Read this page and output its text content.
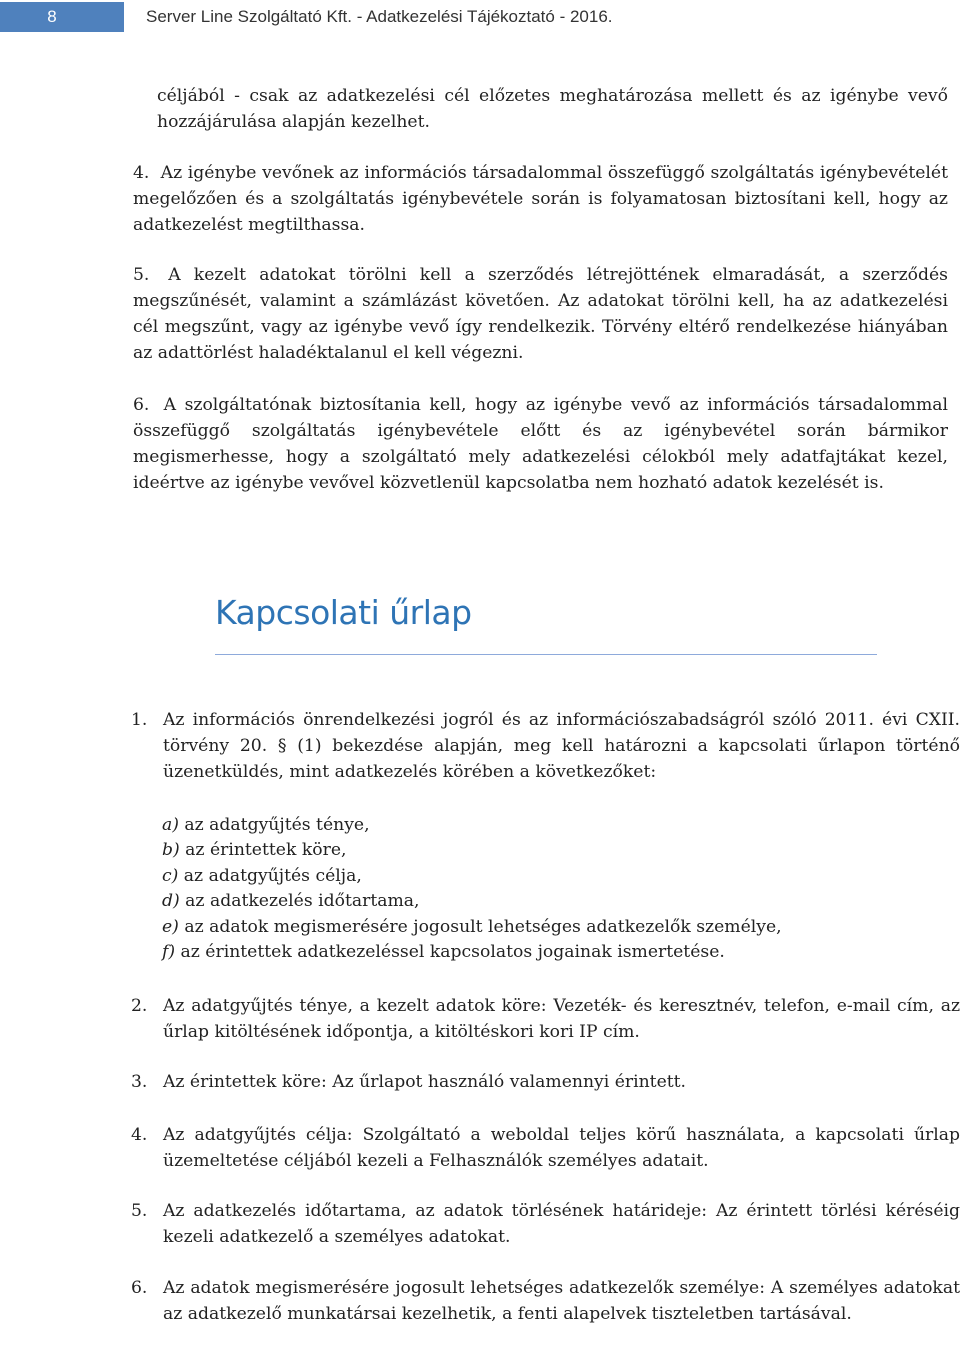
8	Server Line Szolgáltató Kft. - Adatkezelési Tájékoztató - 2016.
céljából - csak az adatkezelési cél előzetes meghatározása mellett és az igénybe vevő hozzájárulása alapján kezelhet.
4. Az igénybe vevőnek az információs társadalommal összefüggő szolgáltatás igénybevételét megelőzően és a szolgáltatás igénybevétele során is folyamatosan biztosítani kell, hogy az adatkezelést megtilthassa.
5. A kezelt adatokat törölni kell a szerződés létrejöttének elmaradását, a szerződés megszűnését, valamint a számlázást követően. Az adatokat törölni kell, ha az adatkezelési cél megszűnt, vagy az igénybe vevő így rendelkezik. Törvény eltérő rendelkezése hiányában az adattörlést haladéktalanul el kell végezni.
6. A szolgáltatónak biztosítania kell, hogy az igénybe vevő az információs társadalommal összefüggő szolgáltatás igénybevétele előtt és az igénybevétel során bármikor megismerhesse, hogy a szolgáltató mely adatkezelési célokból mely adatfajtákat kezel, ideértve az igénybe vevővel közvetlenül kapcsolatba nem hozható adatok kezelését is.
Kapcsolati űrlap
1. Az információs önrendelkezési jogról és az információszabadságról szóló 2011. évi CXII. törvény 20. § (1) bekezdése alapján, meg kell határozni a kapcsolati űrlapon történő üzenetküldés, mint adatkezelés körében a következőket:
a) az adatgyűjtés ténye,
b) az érintettek köre,
c) az adatgyűjtés célja,
d) az adatkezelés időtartama,
e) az adatok megismerésére jogosult lehetséges adatkezelők személye,
f) az érintettek adatkezeléssel kapcsolatos jogainak ismertetése.
2. Az adatgyűjtés ténye, a kezelt adatok köre: Vezeték- és keresztnév, telefon, e-mail cím, az űrlap kitöltésének időpontja, a kitöltéskori kori IP cím.
3. Az érintettek köre: Az űrlapot használó valamennyi érintett.
4. Az adatgyűjtés célja: Szolgáltató a weboldal teljes körű használata, a kapcsolati űrlap üzemeltetése céljából kezeli a Felhasználók személyes adatait.
5. Az adatkezelés időtartama, az adatok törlésének határideje: Az érintett törlési kéréséig kezeli adatkezelő a személyes adatokat.
6. Az adatok megismerésére jogosult lehetséges adatkezelők személye: A személyes adatokat az adatkezelő munkatársai kezelhetik, a fenti alapelvek tiszteletben tartásával.
